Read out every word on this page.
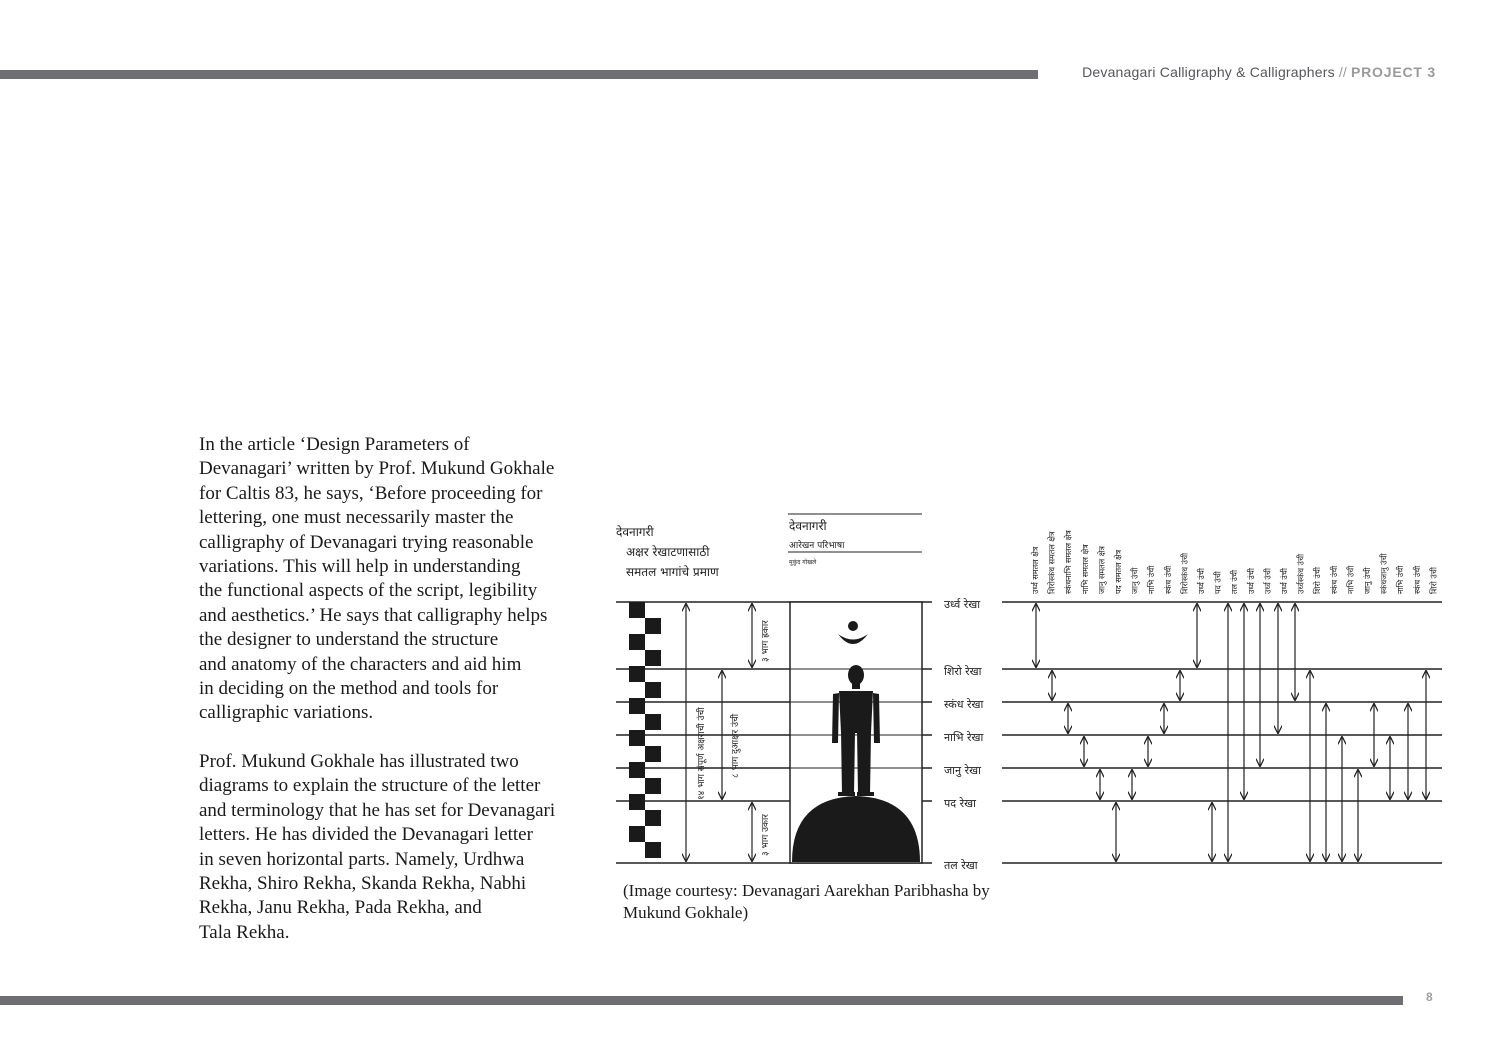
Devanagari Calligraphy & Calligraphers // PROJECT 3

In the article ‘Design Parameters of
Devanagari’ written by Prof. Mukund Gokhale
for Caltis 83, he says, ‘Before proceeding for
lettering, one must necessarily master the
calligraphy of Devanagari trying reasonable
variations. This will help in understanding
the functional aspects of the script, legibility
and aesthetics.’ He says that calligraphy helps
the designer to understand the structure
and anatomy of the characters and aid him
in deciding on the method and tools for
calligraphic variations.

Prof. Mukund Gokhale has illustrated two
diagrams to explain the structure of the letter
and terminology that he has set for Devanagari
letters. He has divided the Devanagari letter
in seven horizontal parts. Namely, Urdhwa
Rekha, Shiro Rekha, Skanda Rekha, Nabhi
Rekha, Janu Rekha, Pada Rekha, and
Tala Rekha.

देवनागरी
अक्षर रेखाटणासाठी
समतल भागांचे प्रमाण
देवनागरी
आरेखन परिभाषा
मुकुंद गोखले
उर्ध्व रेखा
शिरो रेखा
स्कंध रेखा
नाभि रेखा
जानु रेखा
पद रेखा
तल रेखा
१४ भाग संपूर्ण अक्षराची उंची	८ भाग दुआक्षर उंची
३ भाग ह्रकार
३ भाग उकार
उर्ध्व समतल क्षेत्र शिरोस्कंध समतल क्षेत्र स्कंधनाभि समतल क्षेत्र नाभि समतल क्षेत्र जानु समतल क्षेत्र पद समतल क्षेत्र जानु उंची नाभि उंची स्कंध उंची शिरोस्कंध उंची उर्ध्व उंची पद उंची तल उंची उर्ध्व उंची उर्ध्व उंची उर्ध्व उंची उर्ध्वस्कंध उंची शिरो उंची स्कंध उंची नाभि उंची जानु उंची स्कंधजानु उंची नाभि उंची स्कंध उंची शिरो उंची
(Image courtesy: Devanagari Aarekhan Paribhasha by
Mukund Gokhale)
8
